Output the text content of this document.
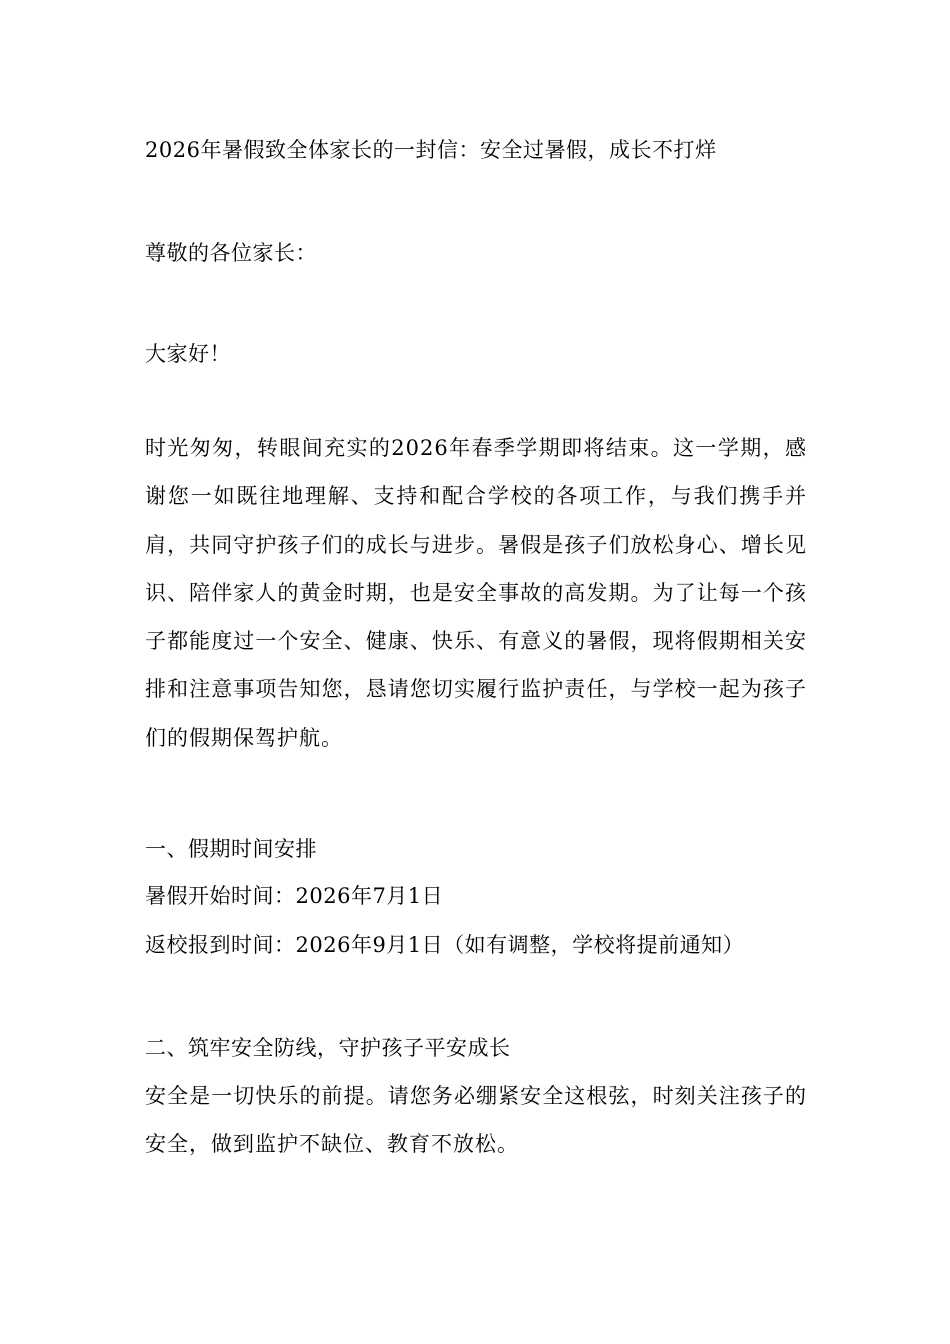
2026年暑假致全体家长的一封信：安全过暑假，成长不打烊
尊敬的各位家长：
大家好！

时光匆匆，转眼间充实的2026年春季学期即将结束。这一学期，感谢您一如既往地理解、支持和配合学校的各项工作，与我们携手并肩，共同守护孩子们的成长与进步。暑假是孩子们放松身心、增长见识、陪伴家人的黄金时期，也是安全事故的高发期。为了让每一个孩子都能度过一个安全、健康、快乐、有意义的暑假，现将假期相关安排和注意事项告知您，恳请您切实履行监护责任，与学校一起为孩子们的假期保驾护航。

一、假期时间安排
暑假开始时间：2026年7月1日
返校报到时间：2026年9月1日（如有调整，学校将提前通知）
二、筑牢安全防线，守护孩子平安成长

安全是一切快乐的前提。请您务必绷紧安全这根弦，时刻关注孩子的安全，做到监护不缺位、教育不放松。
